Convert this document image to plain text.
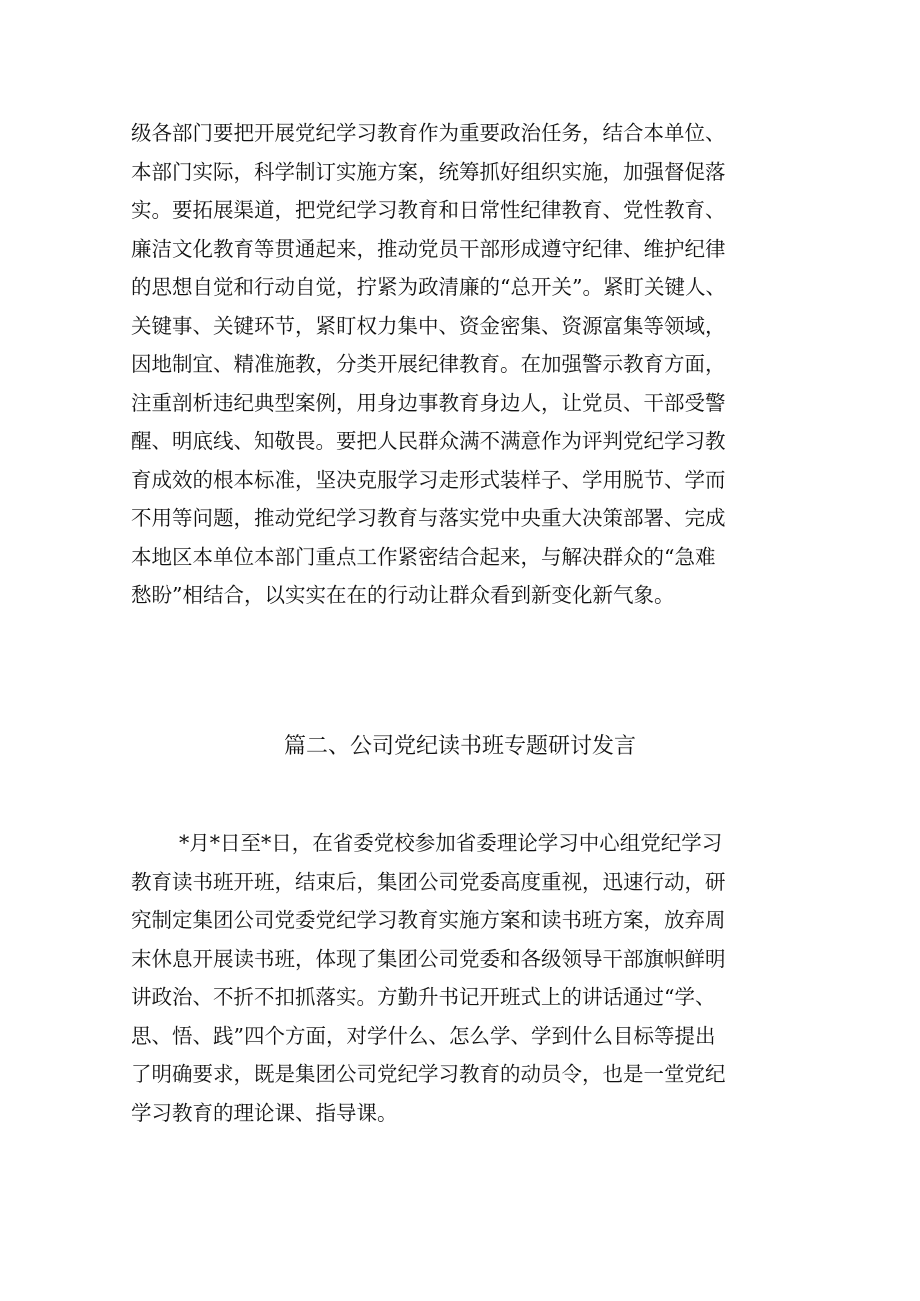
级各部门要把开展党纪学习教育作为重要政治任务，结合本单位、
本部门实际，科学制订实施方案，统筹抓好组织实施，加强督促落
实。要拓展渠道，把党纪学习教育和日常性纪律教育、党性教育、
廉洁文化教育等贯通起来，推动党员干部形成遵守纪律、维护纪律
的思想自觉和行动自觉，拧紧为政清廉的“总开关”。紧盯关键人、
关键事、关键环节，紧盯权力集中、资金密集、资源富集等领域，
因地制宜、精准施教，分类开展纪律教育。在加强警示教育方面，
注重剖析违纪典型案例，用身边事教育身边人，让党员、干部受警
醒、明底线、知敬畏。要把人民群众满不满意作为评判党纪学习教
育成效的根本标准，坚决克服学习走形式装样子、学用脱节、学而
不用等问题，推动党纪学习教育与落实党中央重大决策部署、完成
本地区本单位本部门重点工作紧密结合起来，与解决群众的“急难
愁盼”相结合，以实实在在的行动让群众看到新变化新气象。
篇二、公司党纪读书班专题研讨发言
*月*日至*日，在省委党校参加省委理论学习中心组党纪学习
教育读书班开班，结束后，集团公司党委高度重视，迅速行动，研
究制定集团公司党委党纪学习教育实施方案和读书班方案，放弃周
末休息开展读书班，体现了集团公司党委和各级领导干部旗帜鲜明
讲政治、不折不扣抓落实。方勤升书记开班式上的讲话通过“学、
思、悟、践”四个方面，对学什么、怎么学、学到什么目标等提出
了明确要求，既是集团公司党纪学习教育的动员令，也是一堂党纪
学习教育的理论课、指导课。
